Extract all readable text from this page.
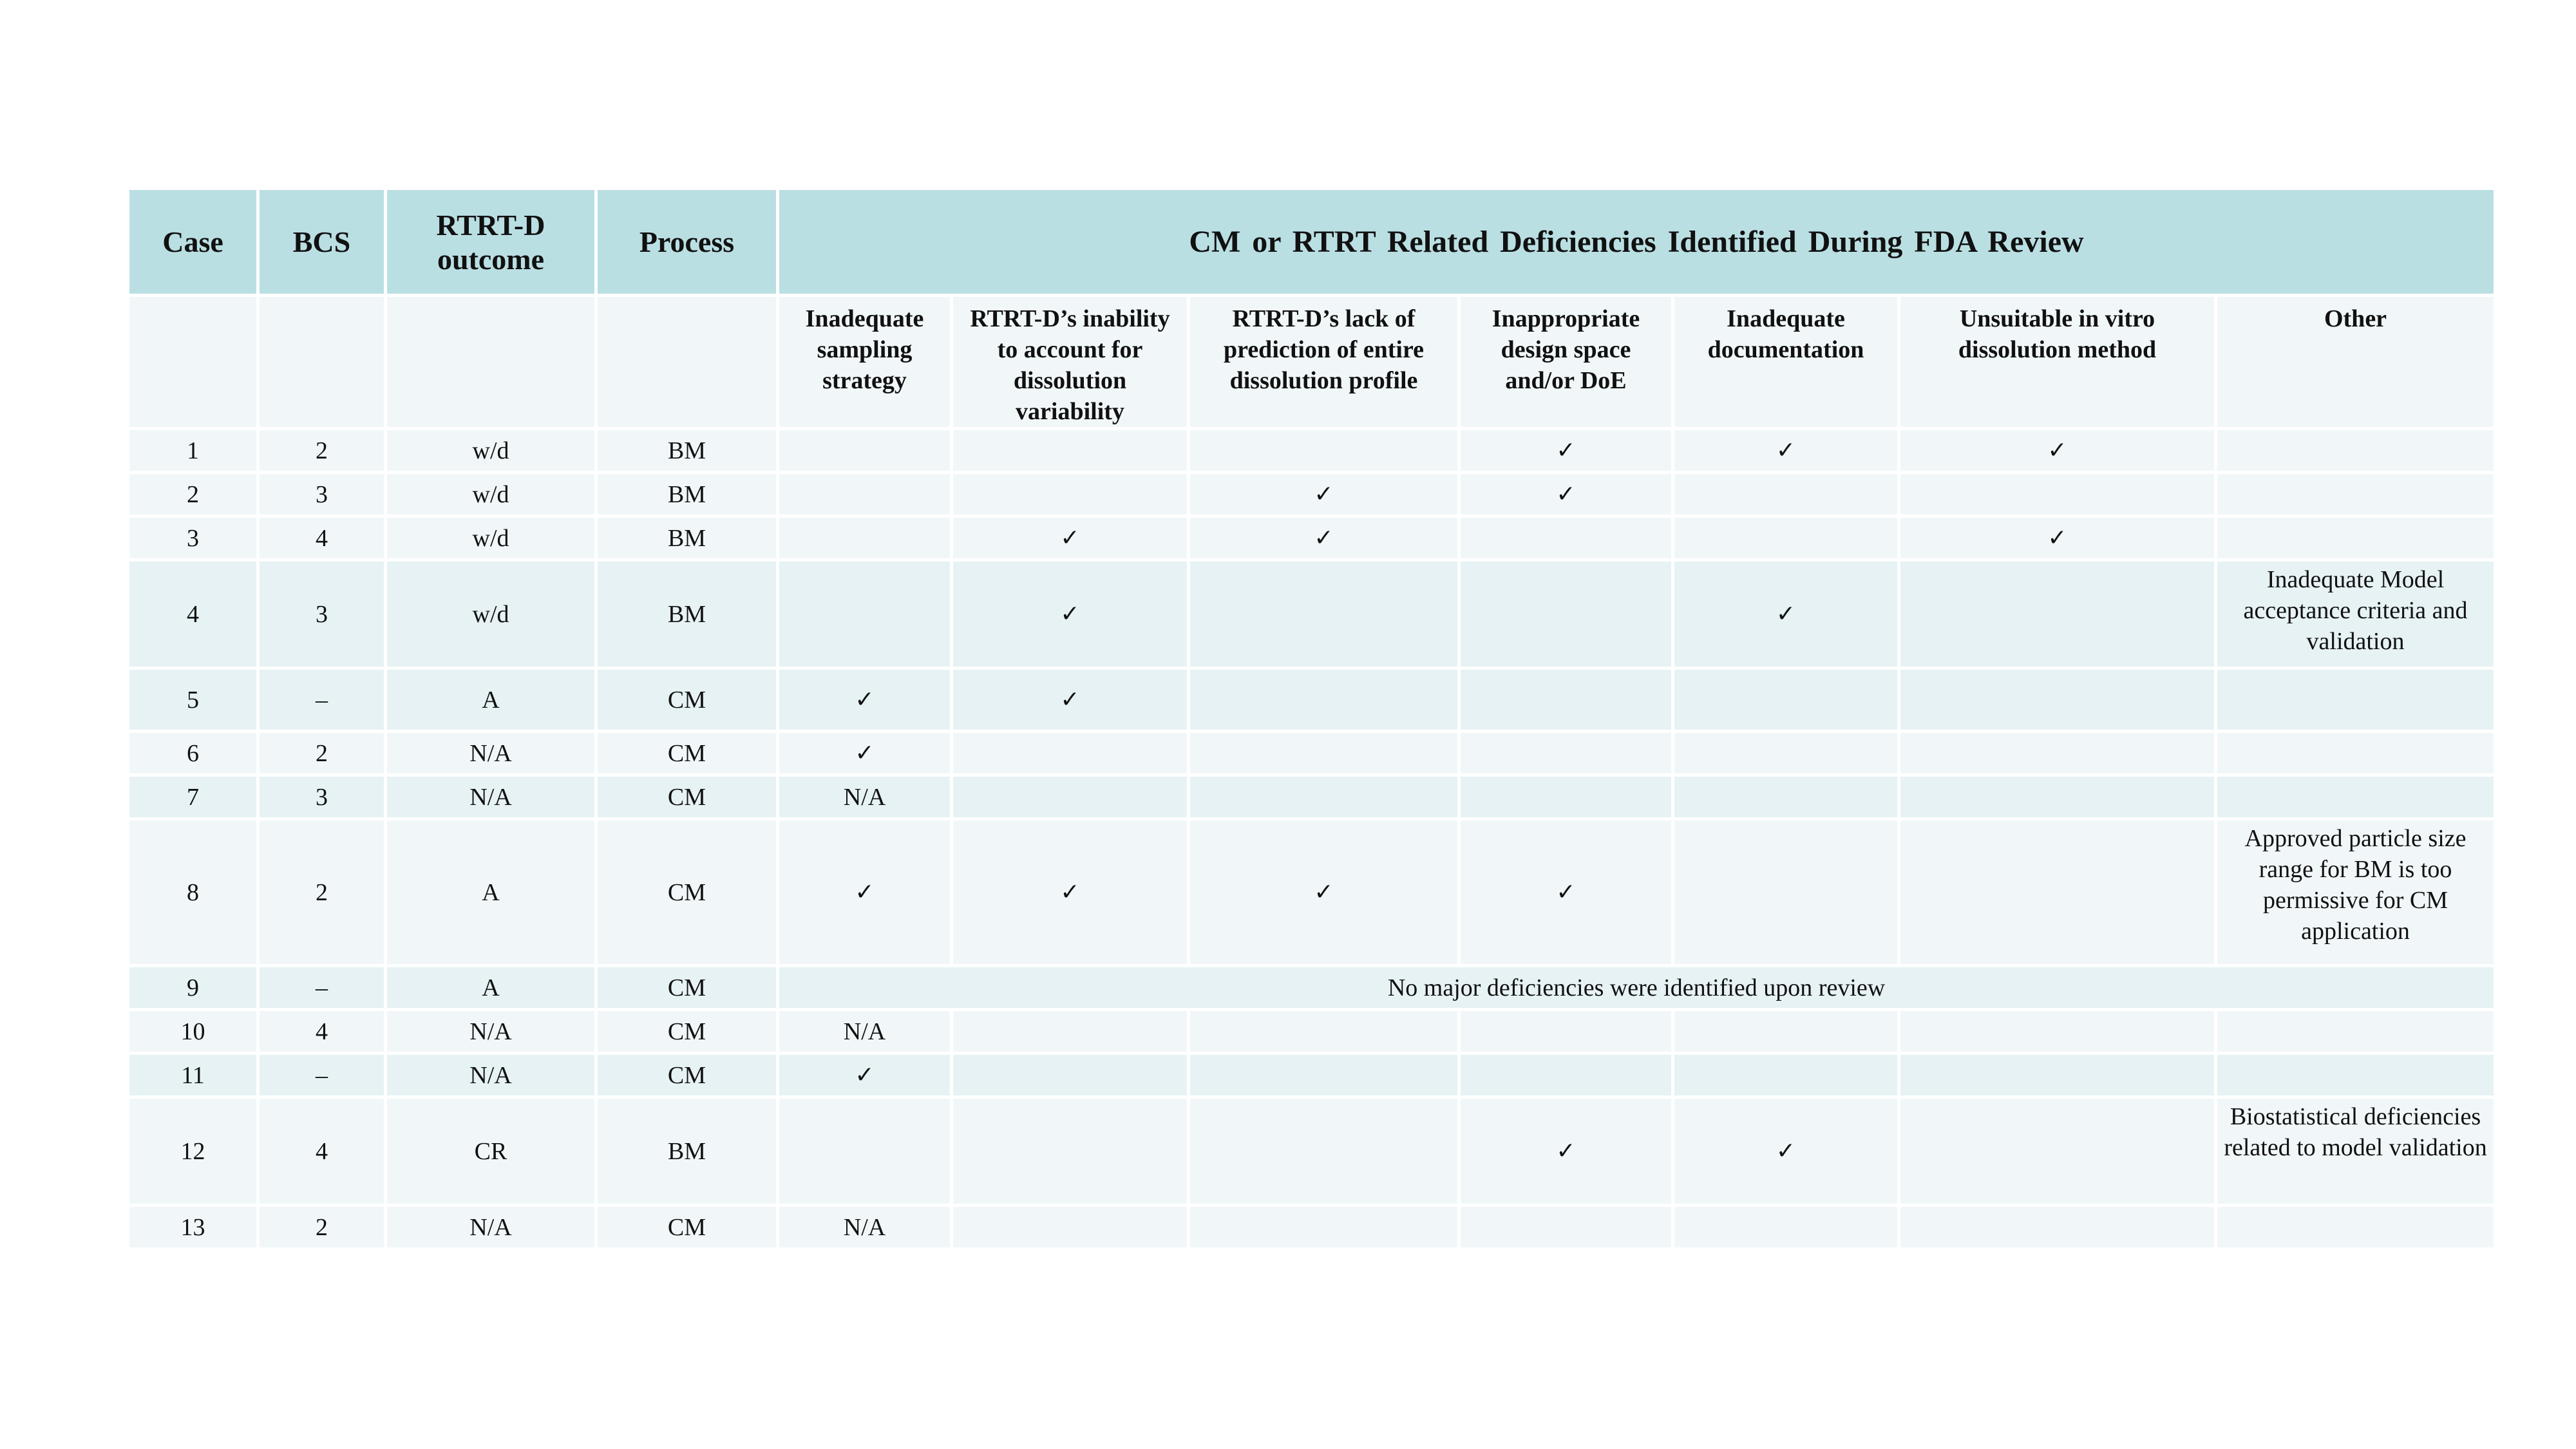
Case	BCS	RTRT-D outcome	Process	CM or RTRT Related Deficiencies Identified During FDA Review						
				Inadequate sampling strategy	RTRT-D’s inability to account for dissolution variability	RTRT-D’s lack of prediction of entire dissolution profile	Inappropriate design space and/or DoE	Inadequate documentation	Unsuitable in vitro dissolution method	Other
1	2	w/d	BM				✓	✓	✓	
2	3	w/d	BM			✓	✓			
3	4	w/d	BM		✓	✓			✓	
4	3	w/d	BM		✓			✓		Inadequate Model acceptance criteria and validation
5	–	A	CM	✓	✓					
6	2	N/A	CM	✓						
7	3	N/A	CM	N/A						
8	2	A	CM	✓	✓	✓	✓			Approved particle size range for BM is too permissive for CM application
9	–	A	CM	No major deficiencies were identified upon review						
10	4	N/A	CM	N/A						
11	–	N/A	CM	✓						
12	4	CR	BM				✓	✓		Biostatistical deficiencies related to model validation
13	2	N/A	CM	N/A						
